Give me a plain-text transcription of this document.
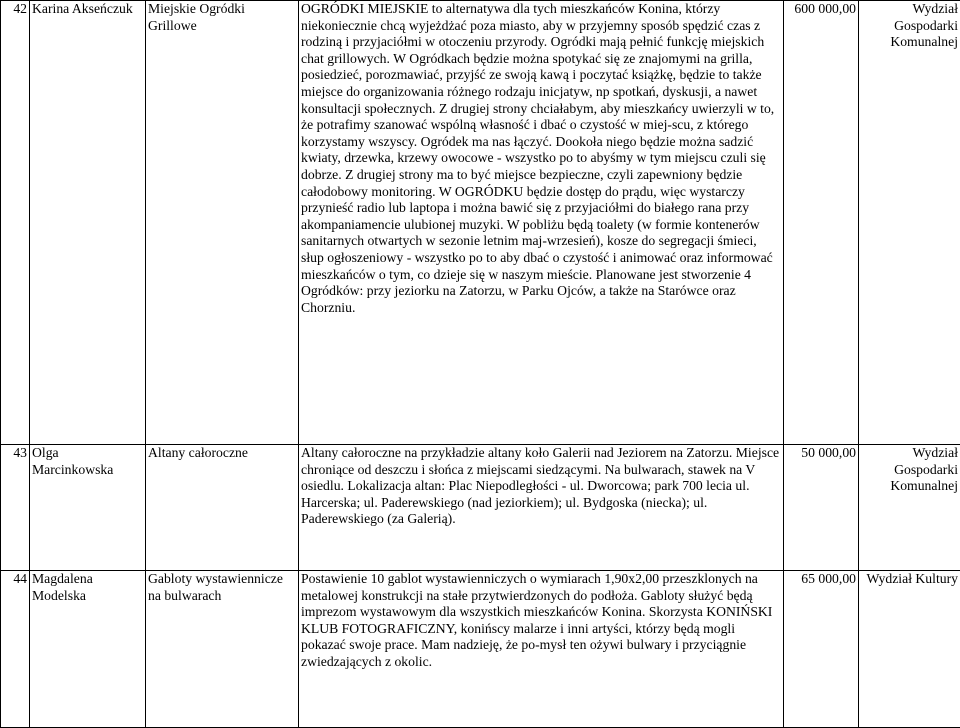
42	Karina Akseńczuk	Miejskie Ogródki Grillowe	OGRÓDKI MIEJSKIE to alternatywa dla tych mieszkańców Konina, którzy niekoniecznie chcą wyjeżdżać poza miasto, aby w przyjemny sposób spędzić czas z rodziną i przyjaciółmi w otoczeniu przyrody. Ogródki mają pełnić funkcję miejskich chat grillowych. W Ogródkach będzie można spotykać się ze znajomymi na grilla, posiedzieć, porozmawiać, przyjść ze swoją kawą i poczytać książkę, będzie to także miejsce do organizowania różnego rodzaju inicjatyw, np spotkań, dyskusji, a nawet konsultacji społecznych. Z drugiej strony chciałabym, aby mieszkańcy uwierzyli w to, że potrafimy szanować wspólną własność i dbać o czystość w miej-scu, z którego korzystamy wszyscy. Ogródek ma nas łączyć. Dookoła niego będzie można sadzić kwiaty, drzewka, krzewy owocowe - wszystko po to abyśmy w tym miejscu czuli się dobrze. Z drugiej strony ma to być miejsce bezpieczne, czyli zapewniony będzie całodobowy monitoring. W OGRÓDKU będzie dostęp do prądu, więc wystarczy przynieść radio lub laptopa i można bawić się z przyjaciółmi do białego rana przy akompaniamencie ulubionej muzyki. W pobliżu będą toalety (w formie kontenerów sanitarnych otwartych w sezonie letnim maj-wrzesień), kosze do segregacji śmieci, słup ogłoszeniowy - wszystko po to aby dbać o czystość i animować oraz informować mieszkańców o tym, co dzieje się w naszym mieście. Planowane jest stworzenie 4 Ogródków: przy jeziorku na Zatorzu, w Parku Ojców, a także na Starówce oraz Chorzniu.	600 000,00	Wydział Gospodarki Komunalnej
43	Olga Marcinkowska	Altany całoroczne	Altany całoroczne na przykładzie altany koło Galerii nad Jeziorem na Zatorzu. Miejsce chroniące od deszczu i słońca z miejscami siedzącymi. Na bulwarach, stawek na V osiedlu. Lokalizacja altan: Plac Niepodległości - ul. Dworcowa; park 700 lecia ul. Harcerska; ul. Paderewskiego (nad jeziorkiem); ul. Bydgoska (niecka); ul. Paderewskiego (za Galerią).	50 000,00	Wydział Gospodarki Komunalnej
44	Magdalena Modelska	Gabloty wystawiennicze na bulwarach	Postawienie 10 gablot wystawienniczych o wymiarach 1,90x2,00 przeszklonych na metalowej konstrukcji na stałe przytwierdzonych do podłoża. Gabloty służyć będą imprezom wystawowym dla wszystkich mieszkańców Konina. Skorzysta KONIŃSKI KLUB FOTOGRAFICZNY, konińscy malarze i inni artyści, którzy będą mogli pokazać swoje prace. Mam nadzieję, że po-mysł ten ożywi bulwary i przyciągnie zwiedzających z okolic.	65 000,00	Wydział Kultury
